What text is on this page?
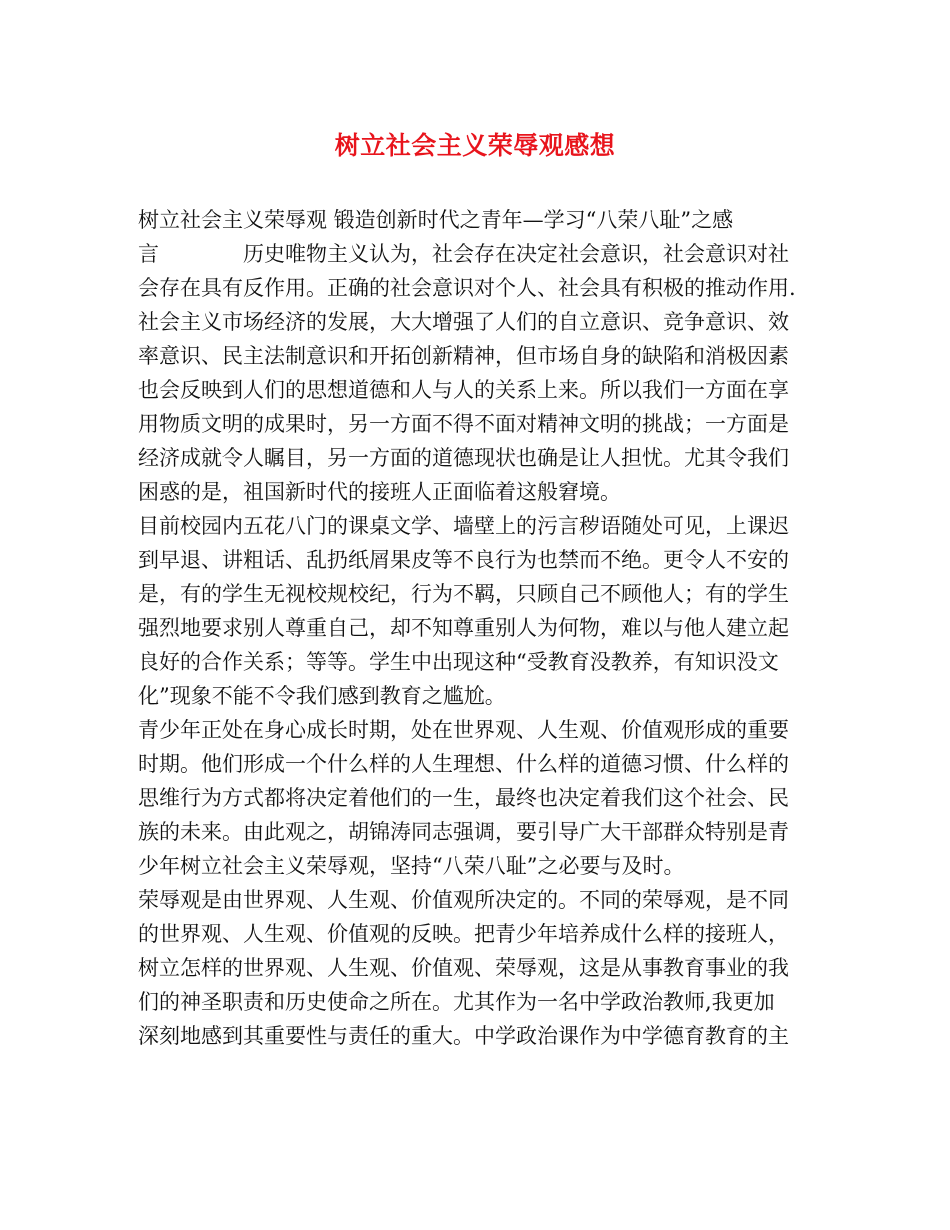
树立社会主义荣辱观感想
树立社会主义荣辱观 锻造创新时代之青年—学习“八荣八耻”之感
言　　　　历史唯物主义认为，社会存在决定社会意识，社会意识对社
会存在具有反作用。正确的社会意识对个人、社会具有积极的推动作用.
社会主义市场经济的发展，大大增强了人们的自立意识、竞争意识、效
率意识、民主法制意识和开拓创新精神，但市场自身的缺陷和消极因素
也会反映到人们的思想道德和人与人的关系上来。所以我们一方面在享
用物质文明的成果时，另一方面不得不面对精神文明的挑战；一方面是
经济成就令人瞩目，另一方面的道德现状也确是让人担忧。尤其令我们
困惑的是，祖国新时代的接班人正面临着这般窘境。
目前校园内五花八门的课桌文学、墙壁上的污言秽语随处可见，上课迟
到早退、讲粗话、乱扔纸屑果皮等不良行为也禁而不绝。更令人不安的
是，有的学生无视校规校纪，行为不羁，只顾自己不顾他人；有的学生
强烈地要求别人尊重自己，却不知尊重别人为何物，难以与他人建立起
良好的合作关系；等等。学生中出现这种“受教育没教养，有知识没文
化”现象不能不令我们感到教育之尴尬。
青少年正处在身心成长时期，处在世界观、人生观、价值观形成的重要
时期。他们形成一个什么样的人生理想、什么样的道德习惯、什么样的
思维行为方式都将决定着他们的一生，最终也决定着我们这个社会、民
族的未来。由此观之，胡锦涛同志强调，要引导广大干部群众特别是青
少年树立社会主义荣辱观，坚持“八荣八耻”之必要与及时。
荣辱观是由世界观、人生观、价值观所决定的。不同的荣辱观，是不同
的世界观、人生观、价值观的反映。把青少年培养成什么样的接班人，
树立怎样的世界观、人生观、价值观、荣辱观，这是从事教育事业的我
们的神圣职责和历史使命之所在。尤其作为一名中学政治教师,我更加
深刻地感到其重要性与责任的重大。中学政治课作为中学德育教育的主
